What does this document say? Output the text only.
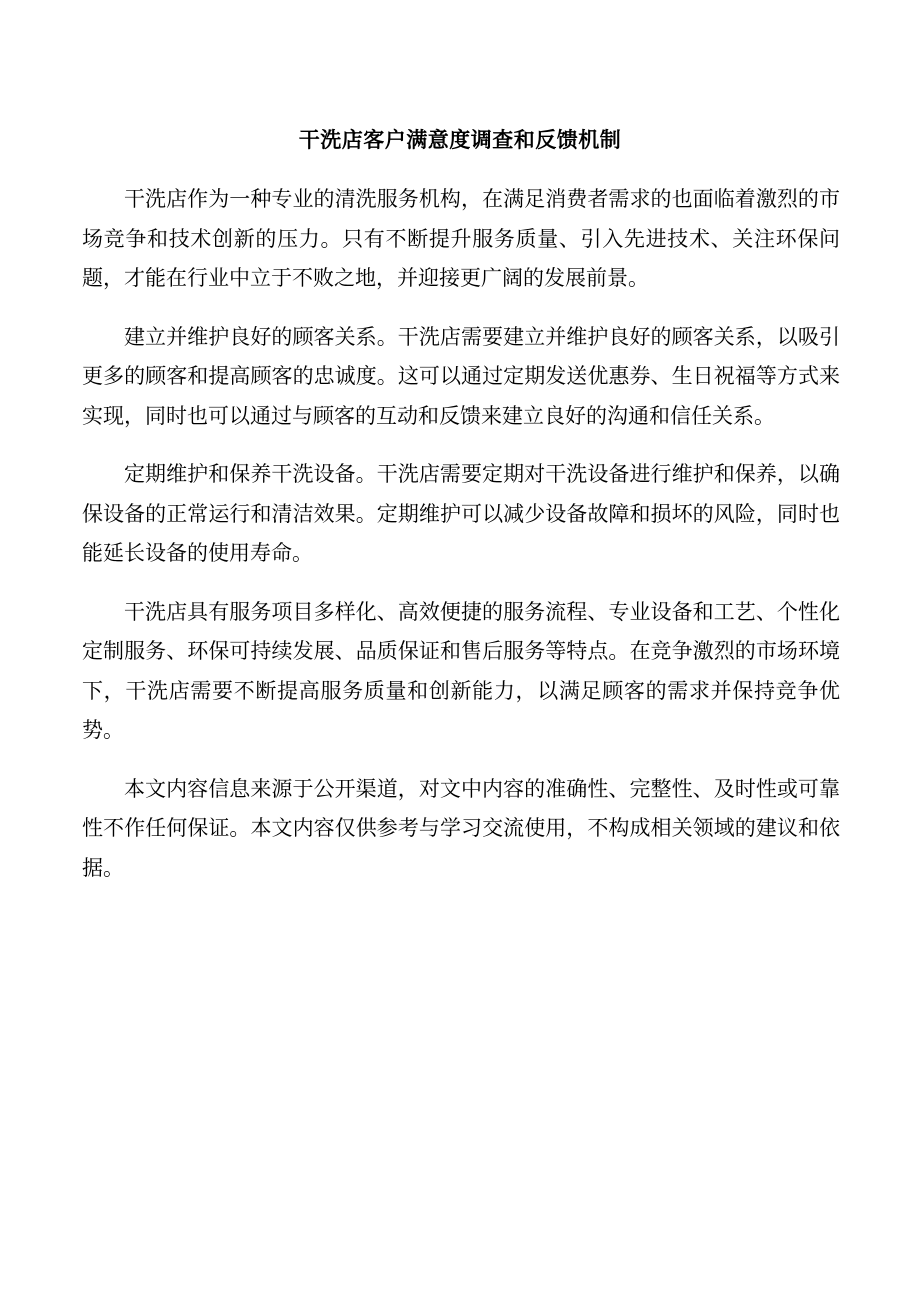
干洗店客户满意度调查和反馈机制

干洗店作为一种专业的清洗服务机构，在满足消费者需求的也面临着激烈的市场竞争和技术创新的压力。只有不断提升服务质量、引入先进技术、关注环保问题，才能在行业中立于不败之地，并迎接更广阔的发展前景。

建立并维护良好的顾客关系。干洗店需要建立并维护良好的顾客关系，以吸引更多的顾客和提高顾客的忠诚度。这可以通过定期发送优惠券、生日祝福等方式来实现，同时也可以通过与顾客的互动和反馈来建立良好的沟通和信任关系。

定期维护和保养干洗设备。干洗店需要定期对干洗设备进行维护和保养，以确保设备的正常运行和清洁效果。定期维护可以减少设备故障和损坏的风险，同时也能延长设备的使用寿命。

干洗店具有服务项目多样化、高效便捷的服务流程、专业设备和工艺、个性化定制服务、环保可持续发展、品质保证和售后服务等特点。在竞争激烈的市场环境下，干洗店需要不断提高服务质量和创新能力，以满足顾客的需求并保持竞争优势。

本文内容信息来源于公开渠道，对文中内容的准确性、完整性、及时性或可靠性不作任何保证。本文内容仅供参考与学习交流使用，不构成相关领域的建议和依据。
